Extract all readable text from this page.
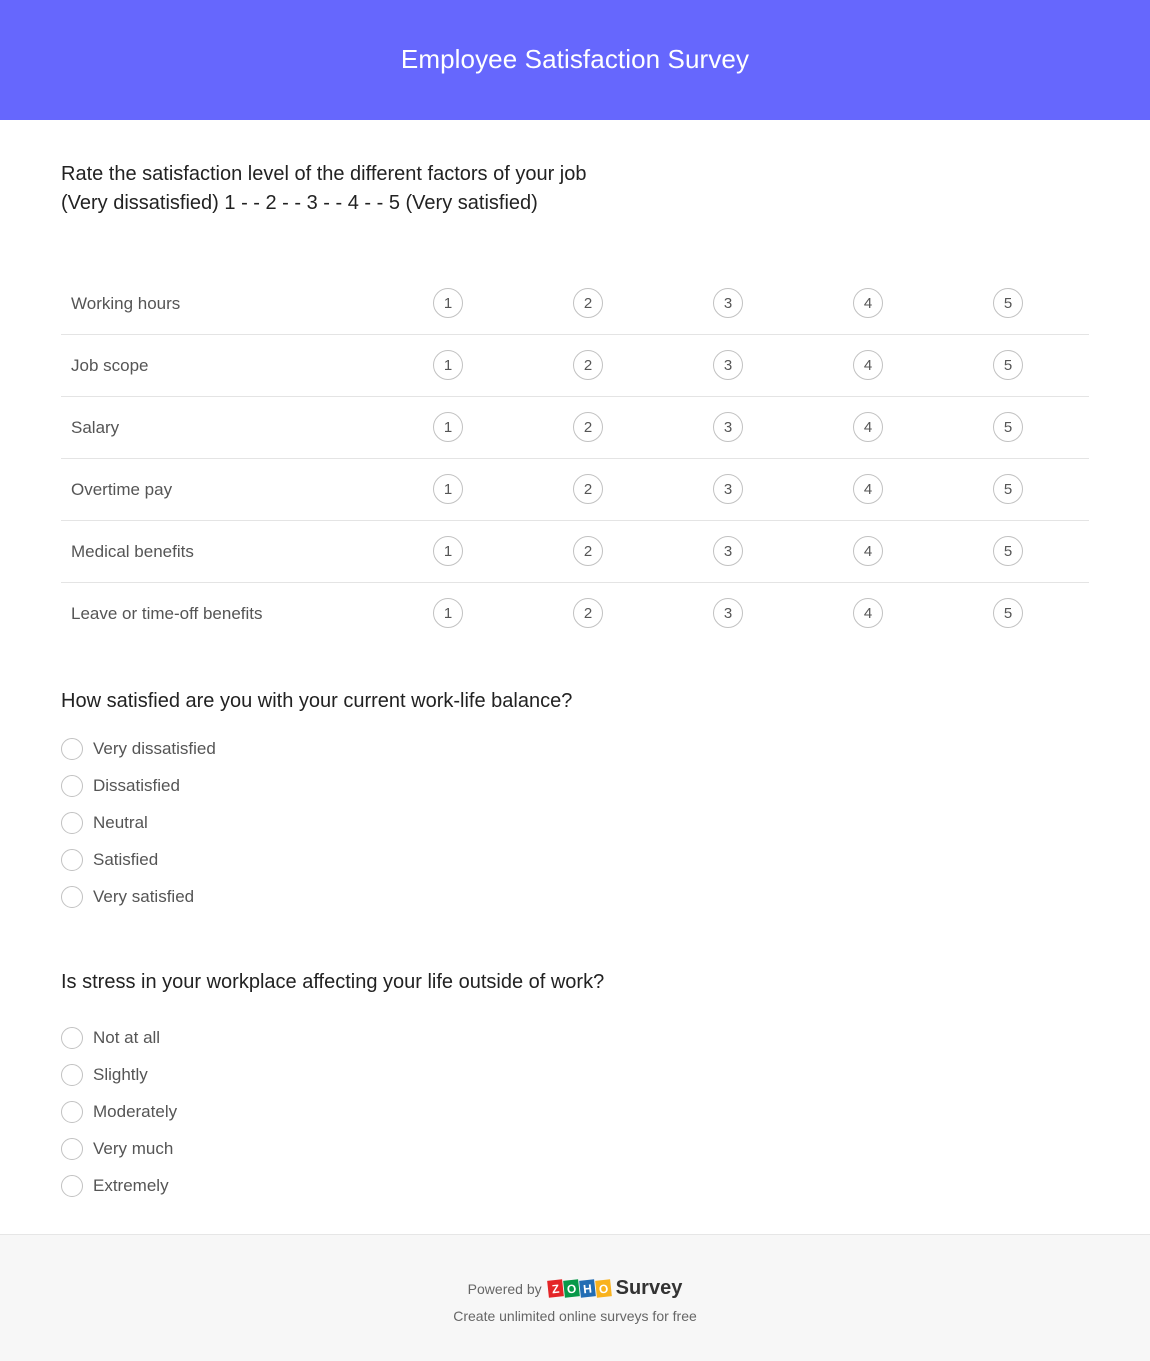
Employee Satisfaction Survey
Rate the satisfaction level of the different factors of your job
(Very dissatisfied) 1 - - 2 - - 3 - - 4 - - 5 (Very satisfied)
Working hours	1	2	3	4	5
Job scope	1	2	3	4	5
Salary	1	2	3	4	5
Overtime pay	1	2	3	4	5
Medical benefits	1	2	3	4	5
Leave or time-off benefits	1	2	3	4	5
How satisfied are you with your current work-life balance?
Very dissatisfied
Dissatisfied
Neutral
Satisfied
Very satisfied
Is stress in your workplace affecting your life outside of work?
Not at all
Slightly
Moderately
Very much
Extremely
Powered by Z O H O Survey
Create unlimited online surveys for free
